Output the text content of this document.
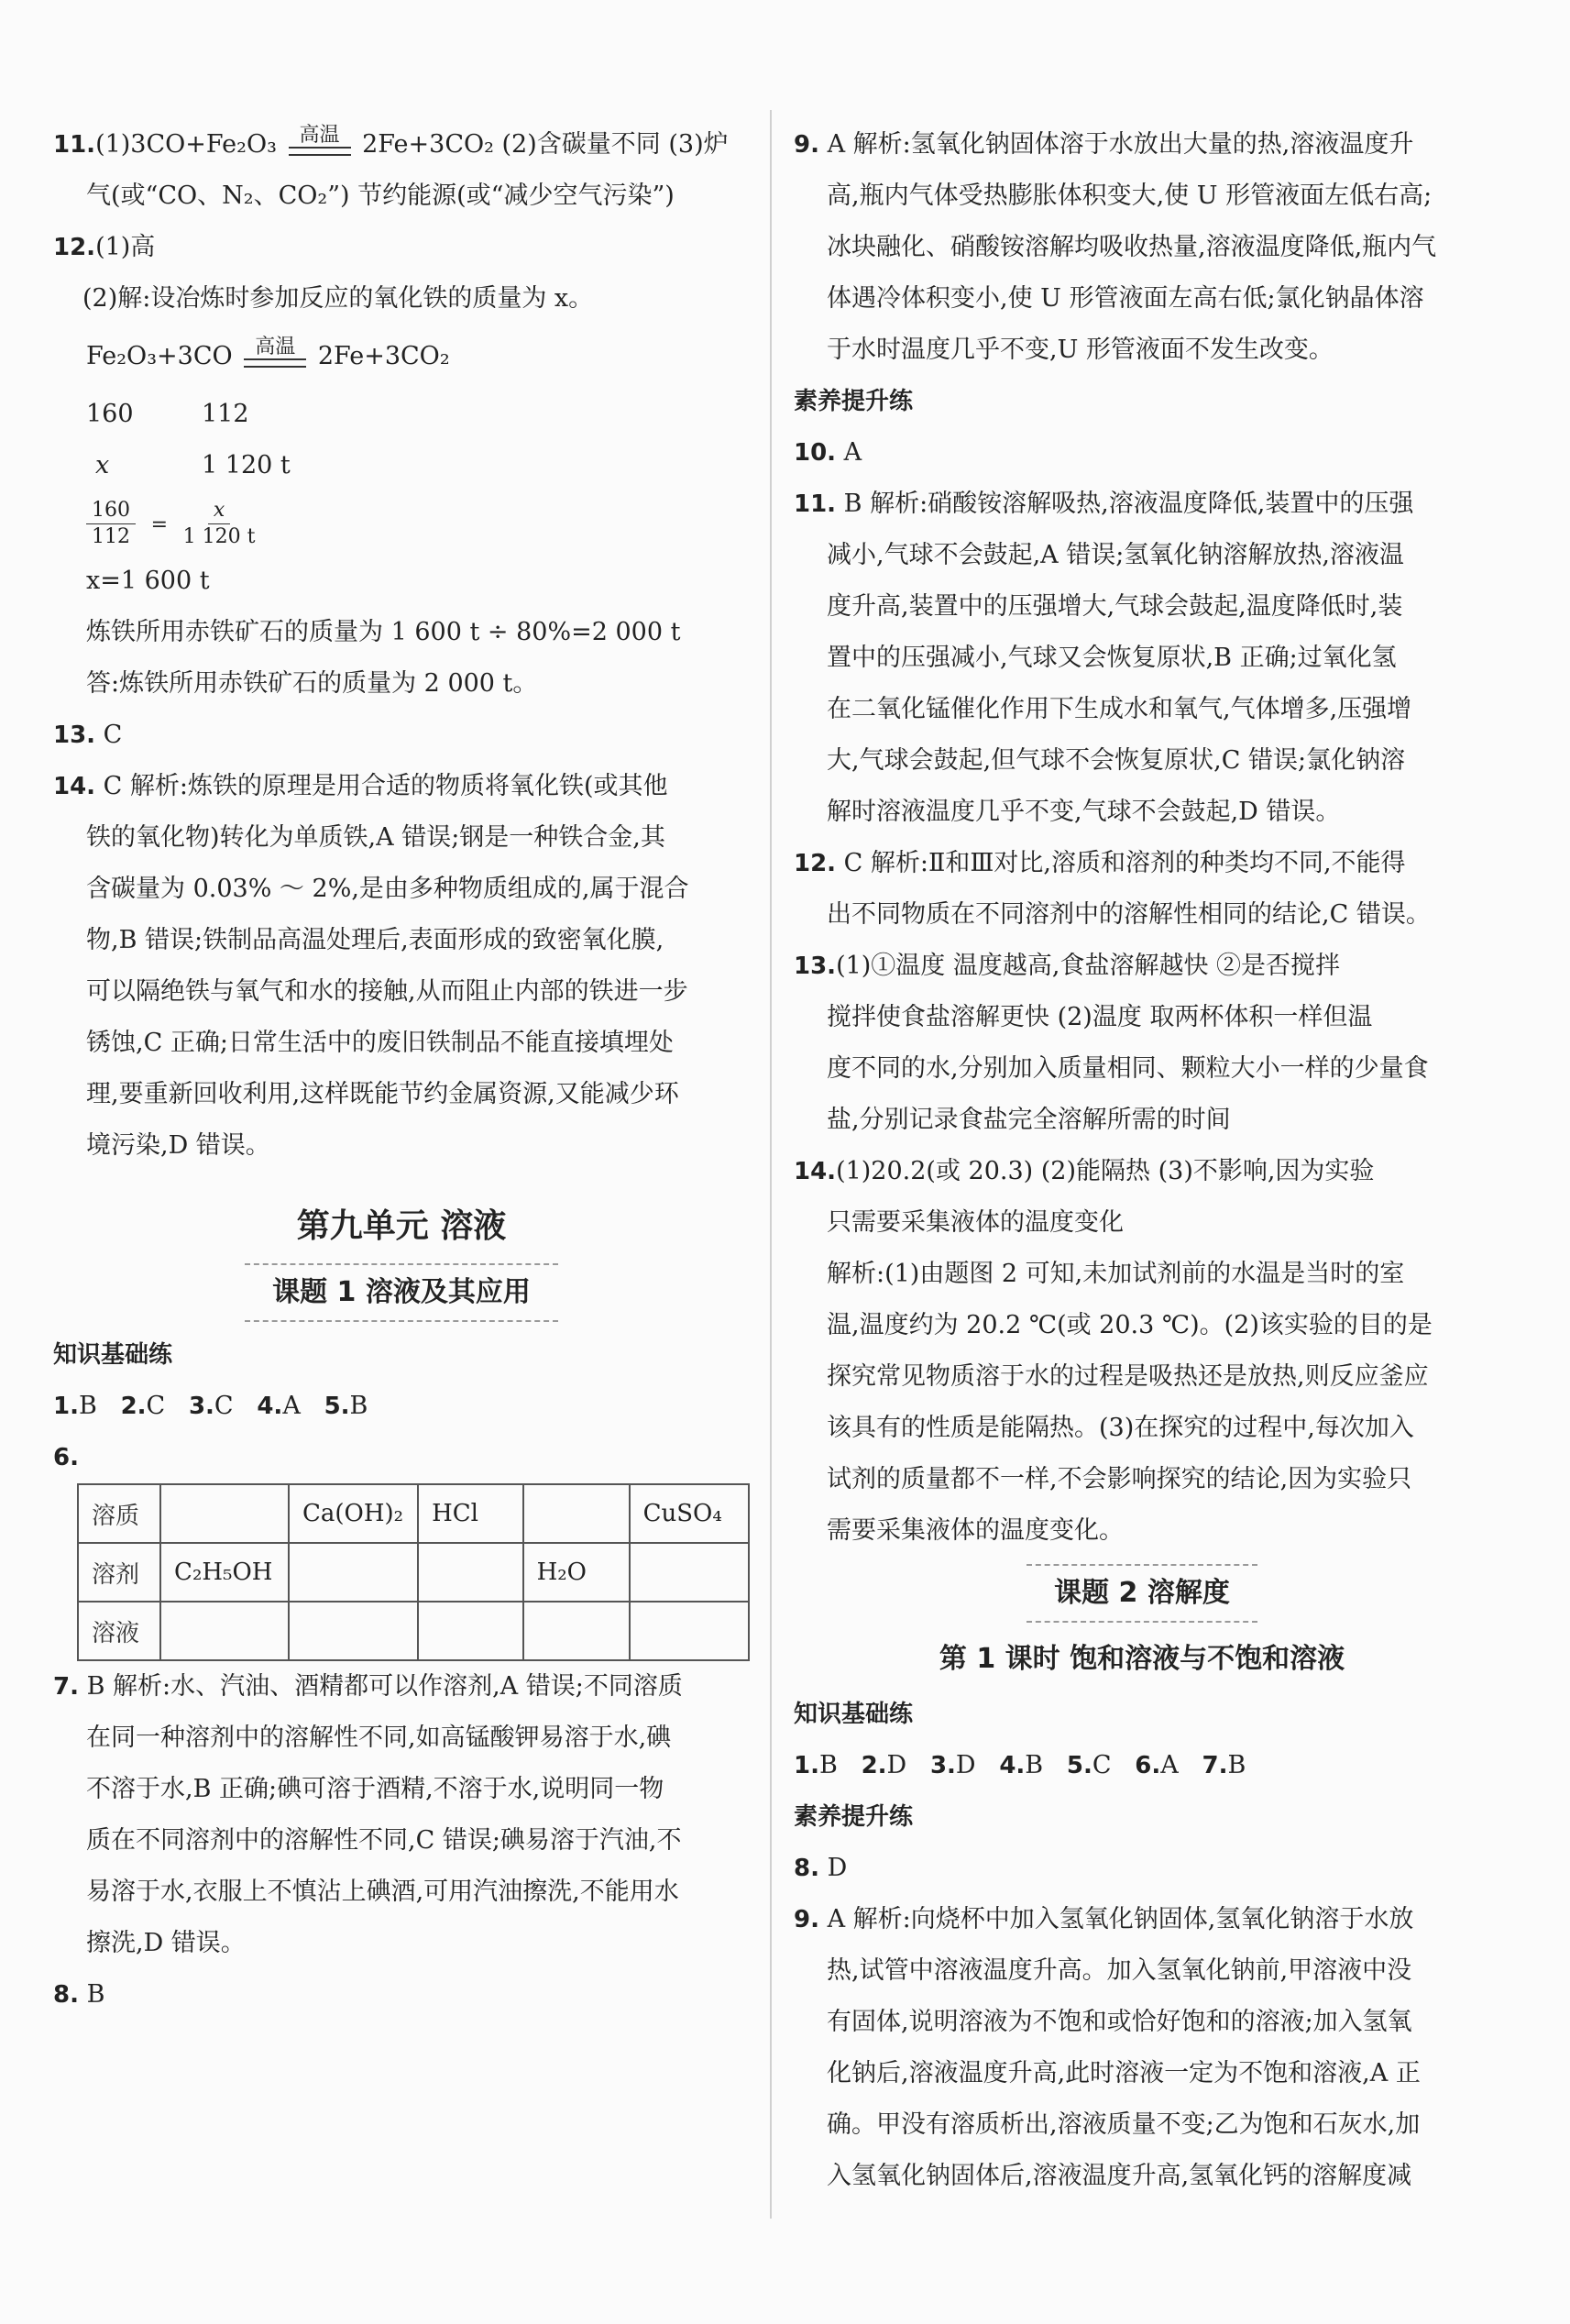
11.(1)3CO+Fe₂O₃ 高温 2Fe+3CO₂ (2)含碳量不同 (3)炉
气(或“CO、N₂、CO₂”) 节约能源(或“减少空气污染”)
12.(1)高
(2)解:设冶炼时参加反应的氧化铁的质量为 x。
Fe₂O₃+3CO 高温 2Fe+3CO₂
160	112
x	1 120 t
$\frac{160}{112} = \frac{x}{1 120 t}$
x=1 600 t
炼铁所用赤铁矿石的质量为 1 600 t ÷ 80%=2 000 t
答:炼铁所用赤铁矿石的质量为 2 000 t。
13. C
14. C 解析:炼铁的原理是用合适的物质将氧化铁(或其他
铁的氧化物)转化为单质铁,A 错误;钢是一种铁合金,其
含碳量为 0.03% ～ 2%,是由多种物质组成的,属于混合
物,B 错误;铁制品高温处理后,表面形成的致密氧化膜,
可以隔绝铁与氧气和水的接触,从而阻止内部的铁进一步
锈蚀,C 正确;日常生活中的废旧铁制品不能直接填埋处
理,要重新回收利用,这样既能节约金属资源,又能减少环
境污染,D 错误。
第九单元 溶液
课题 1 溶液及其应用
知识基础练
1.B 2.C 3.C 4.A 5.B
6.
溶质		Ca(OH)₂	HCl		CuSO₄
溶剂	C₂H₅OH			H₂O	
溶液					
7. B 解析:水、汽油、酒精都可以作溶剂,A 错误;不同溶质
在同一种溶剂中的溶解性不同,如高锰酸钾易溶于水,碘
不溶于水,B 正确;碘可溶于酒精,不溶于水,说明同一物
质在不同溶剂中的溶解性不同,C 错误;碘易溶于汽油,不
易溶于水,衣服上不慎沾上碘酒,可用汽油擦洗,不能用水
擦洗,D 错误。
8. B
9. A 解析:氢氧化钠固体溶于水放出大量的热,溶液温度升
高,瓶内气体受热膨胀体积变大,使 U 形管液面左低右高;
冰块融化、硝酸铵溶解均吸收热量,溶液温度降低,瓶内气
体遇冷体积变小,使 U 形管液面左高右低;氯化钠晶体溶
于水时温度几乎不变,U 形管液面不发生改变。
素养提升练
10. A
11. B 解析:硝酸铵溶解吸热,溶液温度降低,装置中的压强
减小,气球不会鼓起,A 错误;氢氧化钠溶解放热,溶液温
度升高,装置中的压强增大,气球会鼓起,温度降低时,装
置中的压强减小,气球又会恢复原状,B 正确;过氧化氢
在二氧化锰催化作用下生成水和氧气,气体增多,压强增
大,气球会鼓起,但气球不会恢复原状,C 错误;氯化钠溶
解时溶液温度几乎不变,气球不会鼓起,D 错误。
12. C 解析:Ⅱ和Ⅲ对比,溶质和溶剂的种类均不同,不能得
出不同物质在不同溶剂中的溶解性相同的结论,C 错误。
13.(1)①温度 温度越高,食盐溶解越快 ②是否搅拌
搅拌使食盐溶解更快 (2)温度 取两杯体积一样但温
度不同的水,分别加入质量相同、颗粒大小一样的少量食
盐,分别记录食盐完全溶解所需的时间
14.(1)20.2(或 20.3) (2)能隔热 (3)不影响,因为实验
只需要采集液体的温度变化
解析:(1)由题图 2 可知,未加试剂前的水温是当时的室
温,温度约为 20.2 ℃(或 20.3 ℃)。(2)该实验的目的是
探究常见物质溶于水的过程是吸热还是放热,则反应釜应
该具有的性质是能隔热。(3)在探究的过程中,每次加入
试剂的质量都不一样,不会影响探究的结论,因为实验只
需要采集液体的温度变化。
课题 2 溶解度
第 1 课时 饱和溶液与不饱和溶液
知识基础练
1.B 2.D 3.D 4.B 5.C 6.A 7.B
素养提升练
8. D
9. A 解析:向烧杯中加入氢氧化钠固体,氢氧化钠溶于水放
热,试管中溶液温度升高。加入氢氧化钠前,甲溶液中没
有固体,说明溶液为不饱和或恰好饱和的溶液;加入氢氧
化钠后,溶液温度升高,此时溶液一定为不饱和溶液,A 正
确。甲没有溶质析出,溶液质量不变;乙为饱和石灰水,加
入氢氧化钠固体后,溶液温度升高,氢氧化钙的溶解度减
